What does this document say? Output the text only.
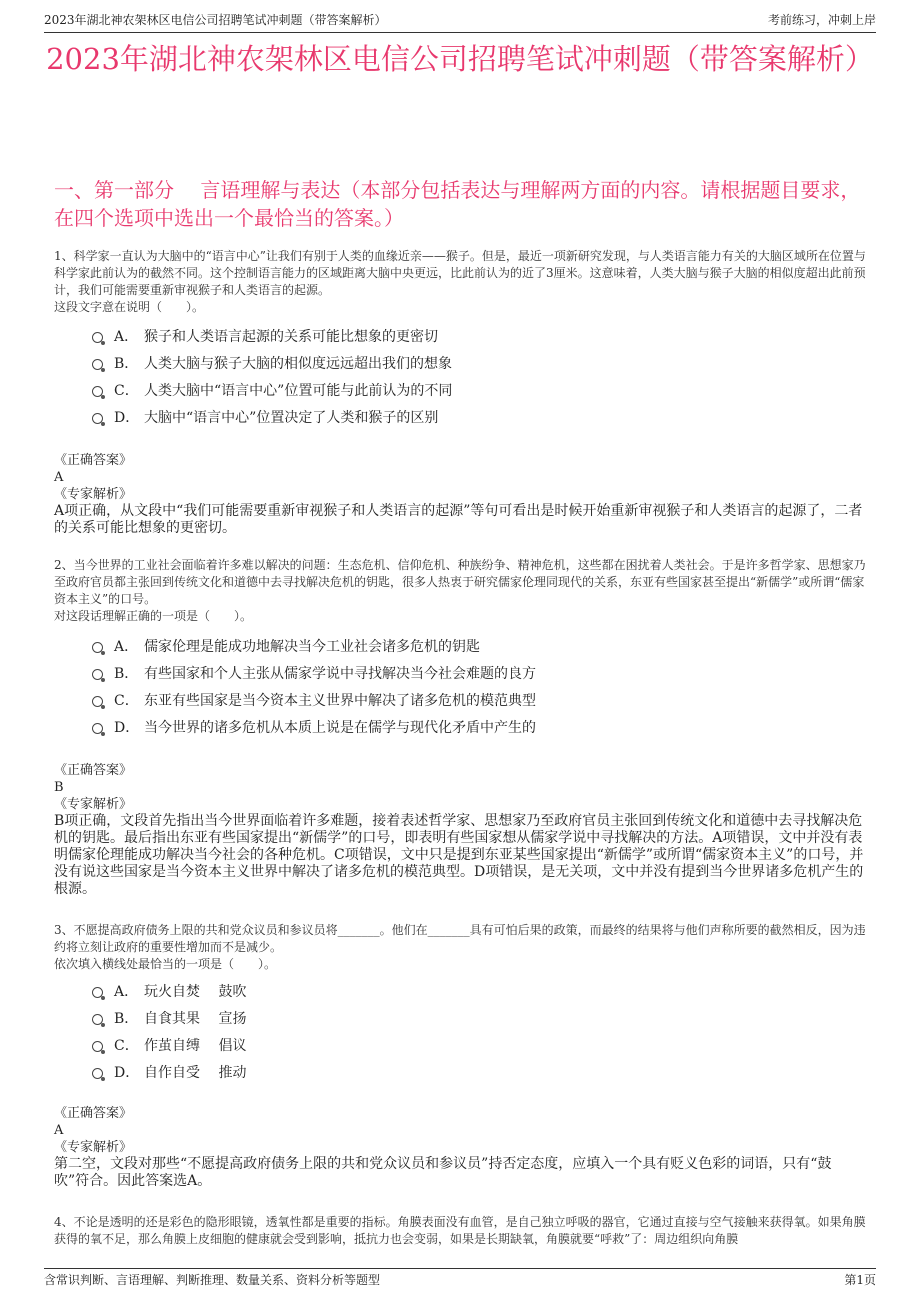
2023年湖北神农架林区电信公司招聘笔试冲刺题（带答案解析）	考前练习，冲刺上岸
2023年湖北神农架林区电信公司招聘笔试冲刺题（带答案解析）
一、第一部分　 言语理解与表达（本部分包括表达与理解两方面的内容。请根据题目要求，在四个选项中选出一个最恰当的答案。）

1、科学家一直认为大脑中的“语言中心”让我们有别于人类的血缘近亲——猴子。但是，最近一项新研究发现，与人类语言能力有关的大脑区域所在位置与科学家此前认为的截然不同。这个控制语言能力的区域距离大脑中央更远，比此前认为的近了3厘米。这意味着，人类大脑与猴子大脑的相似度超出此前预计，我们可能需要重新审视猴子和人类语言的起源。

这段文字意在说明（　　）。

A． 猴子和人类语言起源的关系可能比想象的更密切
B． 人类大脑与猴子大脑的相似度远远超出我们的想象
C． 人类大脑中“语言中心”位置可能与此前认为的不同
D． 大脑中“语言中心”位置决定了人类和猴子的区别

《正确答案》

A

《专家解析》

A项正确，从文段中“我们可能需要重新审视猴子和人类语言的起源”等句可看出是时候开始重新审视猴子和人类语言的起源了，二者的关系可能比想象的更密切。

2、当今世界的工业社会面临着许多难以解决的问题：生态危机、信仰危机、种族纷争、精神危机，这些都在困扰着人类社会。于是许多哲学家、思想家乃至政府官员都主张回到传统文化和道德中去寻找解决危机的钥匙，很多人热衷于研究儒家伦理同现代的关系，东亚有些国家甚至提出“新儒学”或所谓“儒家资本主义”的口号。

对这段话理解正确的一项是（　　）。

A． 儒家伦理是能成功地解决当今工业社会诸多危机的钥匙
B． 有些国家和个人主张从儒家学说中寻找解决当今社会难题的良方
C． 东亚有些国家是当今资本主义世界中解决了诸多危机的模范典型
D． 当今世界的诸多危机从本质上说是在儒学与现代化矛盾中产生的

《正确答案》

B

《专家解析》

B项正确，文段首先指出当今世界面临着许多难题，接着表述哲学家、思想家乃至政府官员主张回到传统文化和道德中去寻找解决危机的钥匙。最后指出东亚有些国家提出“新儒学”的口号，即表明有些国家想从儒家学说中寻找解决的方法。A项错误，文中并没有表明儒家伦理能成功解决当今社会的各种危机。C项错误，文中只是提到东亚某些国家提出“新儒学”或所谓“儒家资本主义”的口号，并没有说这些国家是当今资本主义世界中解决了诸多危机的模范典型。D项错误，是无关项，文中并没有提到当今世界诸多危机产生的根源。

3、不愿提高政府债务上限的共和党众议员和参议员将_______。他们在_______具有可怕后果的政策，而最终的结果将与他们声称所要的截然相反，因为违约将立刻让政府的重要性增加而不是减少。

依次填入横线处最恰当的一项是（　　）。

A． 玩火自焚　 鼓吹
B． 自食其果　 宣扬
C． 作茧自缚　 倡议
D． 自作自受　 推动

《正确答案》

A

《专家解析》

第二空，文段对那些“不愿提高政府债务上限的共和党众议员和参议员”持否定态度，应填入一个具有贬义色彩的词语，只有“鼓吹”符合。因此答案选A。

4、不论是透明的还是彩色的隐形眼镜，透氧性都是重要的指标。角膜表面没有血管，是自己独立呼吸的器官，它通过直接与空气接触来获得氧。如果角膜获得的氧不足，那么角膜上皮细胞的健康就会受到影响，抵抗力也会变弱，如果是长期缺氧，角膜就要“呼救”了：周边组织向角膜

含常识判断、言语理解、判断推理、数量关系、资料分析等题型	第1页
